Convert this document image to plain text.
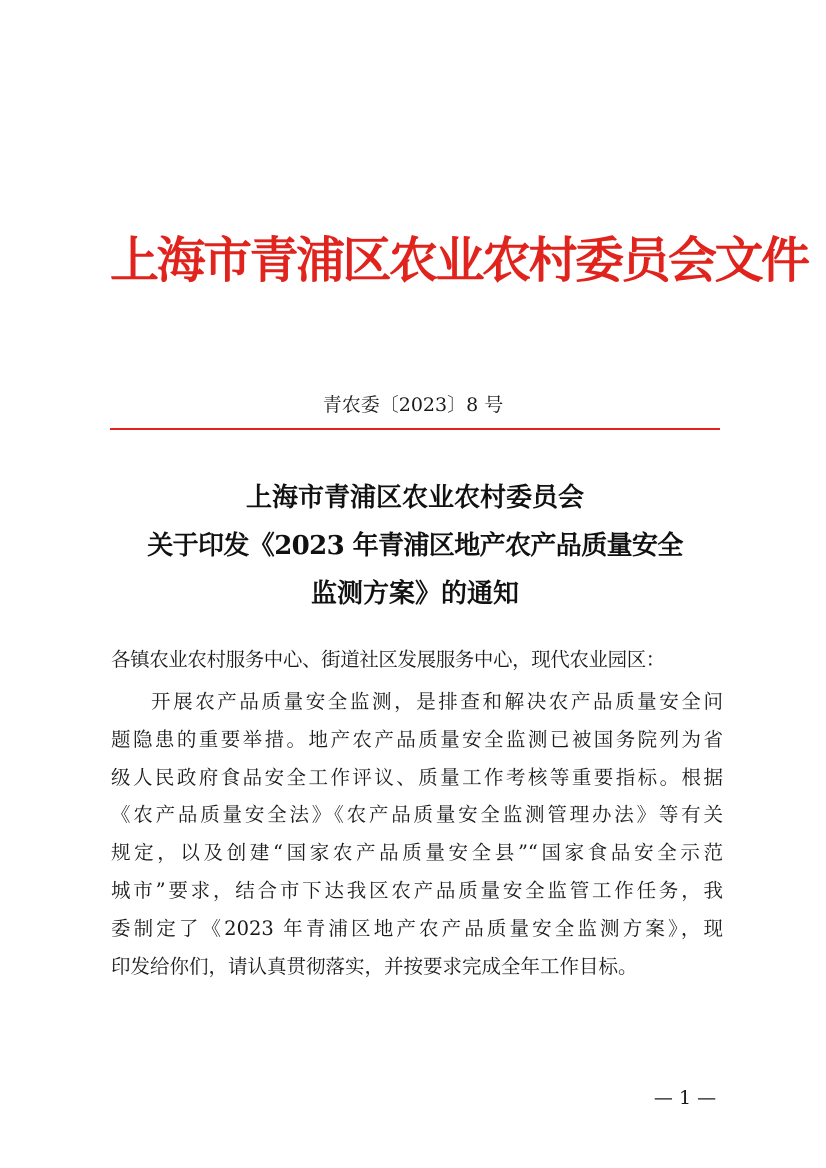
上海市青浦区农业农村委员会文件
青农委〔2023〕8 号
上海市青浦区农业农村委员会
关于印发《2023 年青浦区地产农产品质量安全
监测方案》的通知
各镇农业农村服务中心、街道社区发展服务中心，现代农业园区：
开展农产品质量安全监测，是排查和解决农产品质量安全问
题隐患的重要举措。地产农产品质量安全监测已被国务院列为省
级人民政府食品安全工作评议、质量工作考核等重要指标。根据
《农产品质量安全法》《农产品质量安全监测管理办法》等有关
规定，以及创建“国家农产品质量安全县”“国家食品安全示范
城市”要求，结合市下达我区农产品质量安全监管工作任务，我
委制定了《2023 年青浦区地产农产品质量安全监测方案》，现
印发给你们，请认真贯彻落实，并按要求完成全年工作目标。
— 1 —
